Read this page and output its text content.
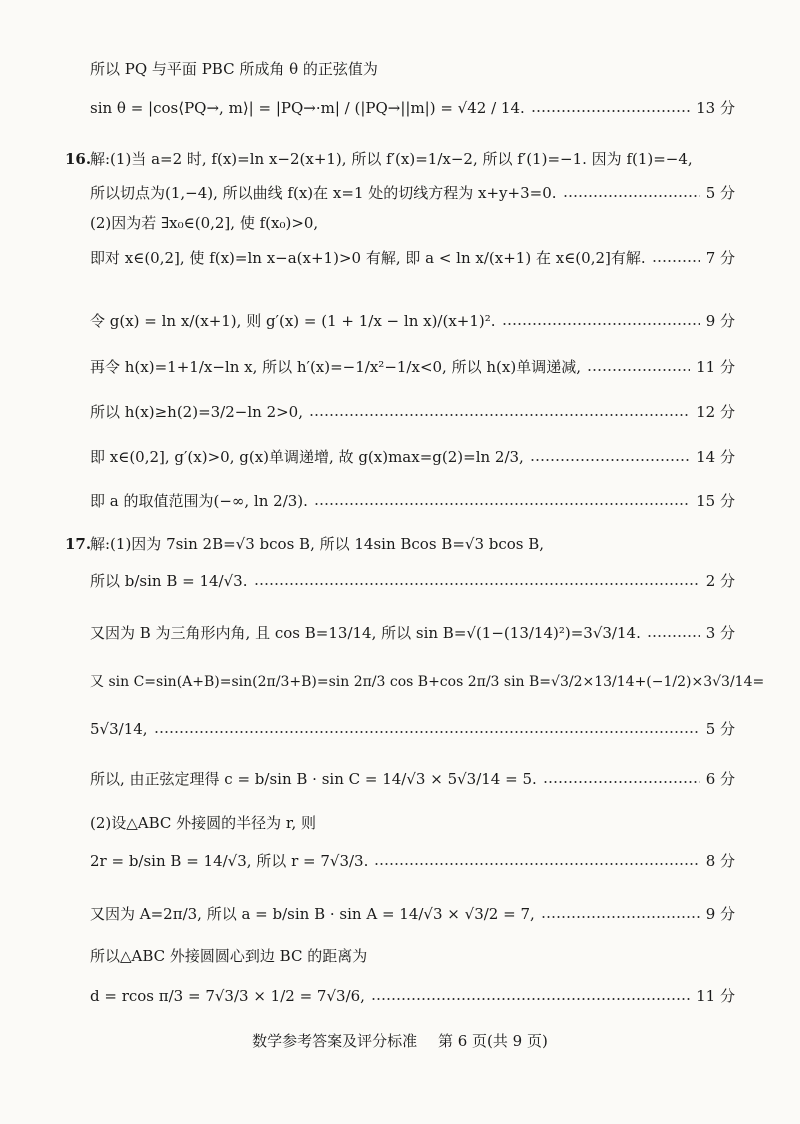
所以 PQ 与平面 PBC 所成角 θ 的正弦值为
sin θ = |cos⟨PQ→, m⟩| = |PQ→·m| / (|PQ→||m|) = √42 / 14.	13 分
16.
解:(1)当 a=2 时, f(x)=ln x−2(x+1), 所以 f′(x)=1/x−2, 所以 f′(1)=−1. 因为 f(1)=−4,
所以切点为(1,−4), 所以曲线 f(x)在 x=1 处的切线方程为 x+y+3=0.	5 分
(2)因为若 ∃x₀∈(0,2], 使 f(x₀)>0,
即对 x∈(0,2], 使 f(x)=ln x−a(x+1)>0 有解, 即 a < ln x/(x+1) 在 x∈(0,2]有解.	7 分
令 g(x) = ln x/(x+1), 则 g′(x) = (1 + 1/x − ln x)/(x+1)².	9 分
再令 h(x)=1+1/x−ln x, 所以 h′(x)=−1/x²−1/x<0, 所以 h(x)单调递减,	11 分
所以 h(x)≥h(2)=3/2−ln 2>0,	12 分
即 x∈(0,2], g′(x)>0, g(x)单调递增, 故 g(x)max=g(2)=ln 2/3,	14 分
即 a 的取值范围为(−∞, ln 2/3).	15 分
17.
解:(1)因为 7sin 2B=√3 bcos B, 所以 14sin Bcos B=√3 bcos B,
所以 b/sin B = 14/√3.	2 分
又因为 B 为三角形内角, 且 cos B=13/14, 所以 sin B=√(1−(13/14)²)=3√3/14.	3 分
又 sin C=sin(A+B)=sin(2π/3+B)=sin 2π/3 cos B+cos 2π/3 sin B=√3/2×13/14+(−1/2)×3√3/14=
5√3/14,	5 分
所以, 由正弦定理得 c = b/sin B · sin C = 14/√3 × 5√3/14 = 5.	6 分
(2)设△ABC 外接圆的半径为 r, 则
2r = b/sin B = 14/√3, 所以 r = 7√3/3.	8 分
又因为 A=2π/3, 所以 a = b/sin B · sin A = 14/√3 × √3/2 = 7,	9 分
所以△ABC 外接圆圆心到边 BC 的距离为
d = rcos π/3 = 7√3/3 × 1/2 = 7√3/6,	11 分
数学参考答案及评分标准 第 6 页(共 9 页)
